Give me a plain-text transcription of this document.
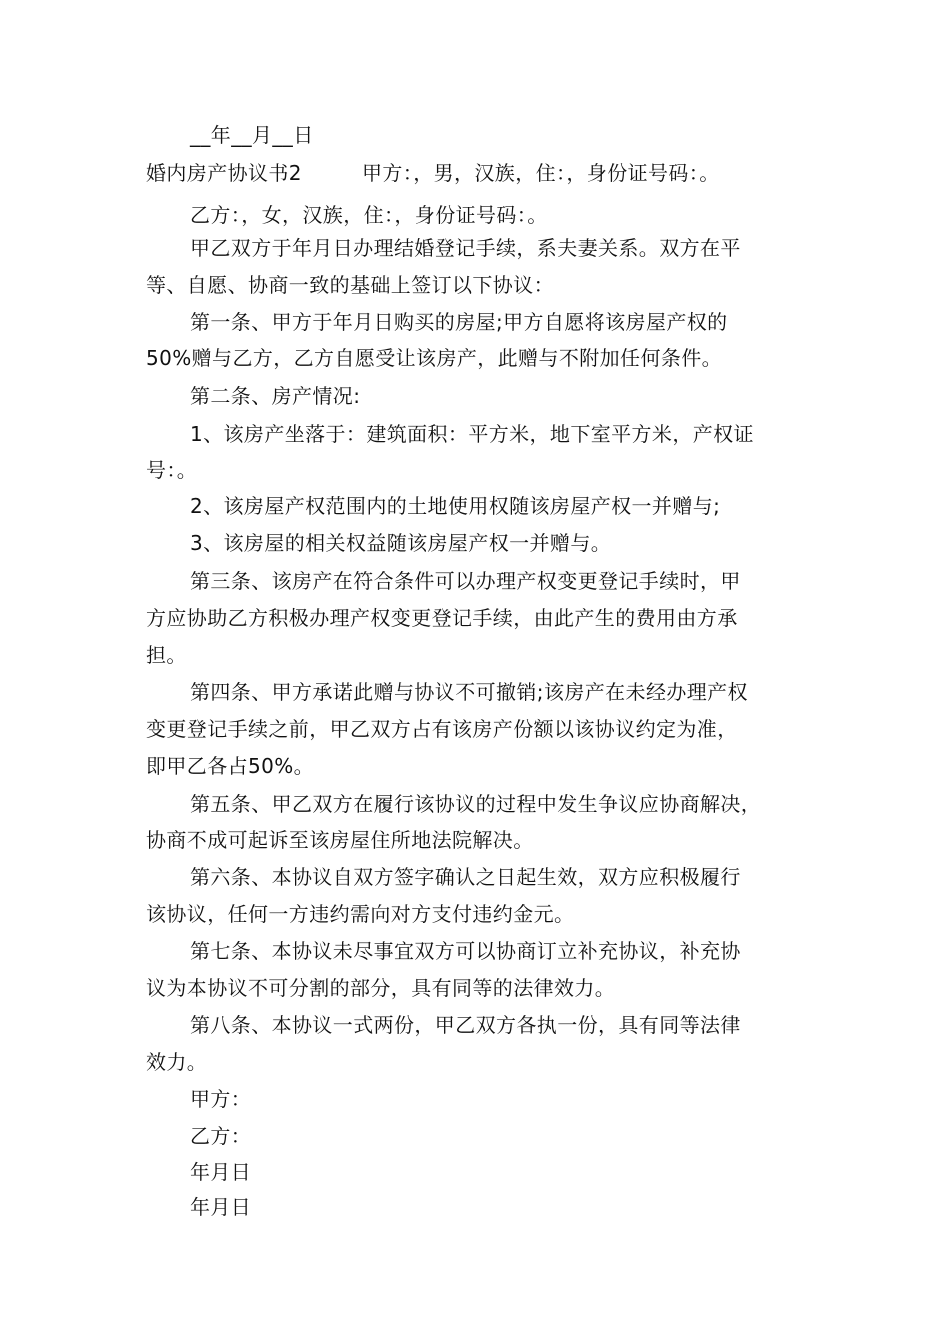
__年__月__日
婚内房产协议书2	甲方：，男，汉族，住：，身份证号码：。
乙方：，女，汉族，住：，身份证号码：。
甲乙双方于年月日办理结婚登记手续，系夫妻关系。双方在平
等、自愿、协商一致的基础上签订以下协议：
第一条、甲方于年月日购买的房屋;甲方自愿将该房屋产权的
50%赠与乙方，乙方自愿受让该房产，此赠与不附加任何条件。
第二条、房产情况:
1、该房产坐落于：建筑面积：平方米，地下室平方米，产权证
号：。
2、该房屋产权范围内的土地使用权随该房屋产权一并赠与;
3、该房屋的相关权益随该房屋产权一并赠与。
第三条、该房产在符合条件可以办理产权变更登记手续时，甲
方应协助乙方积极办理产权变更登记手续，由此产生的费用由方承
担。
第四条、甲方承诺此赠与协议不可撤销;该房产在未经办理产权
变更登记手续之前，甲乙双方占有该房产份额以该协议约定为准，
即甲乙各占50%。
第五条、甲乙双方在履行该协议的过程中发生争议应协商解决，
协商不成可起诉至该房屋住所地法院解决。
第六条、本协议自双方签字确认之日起生效，双方应积极履行
该协议，任何一方违约需向对方支付违约金元。
第七条、本协议未尽事宜双方可以协商订立补充协议，补充协
议为本协议不可分割的部分，具有同等的法律效力。
第八条、本协议一式两份，甲乙双方各执一份，具有同等法律
效力。
甲方：
乙方：
年月日
年月日
